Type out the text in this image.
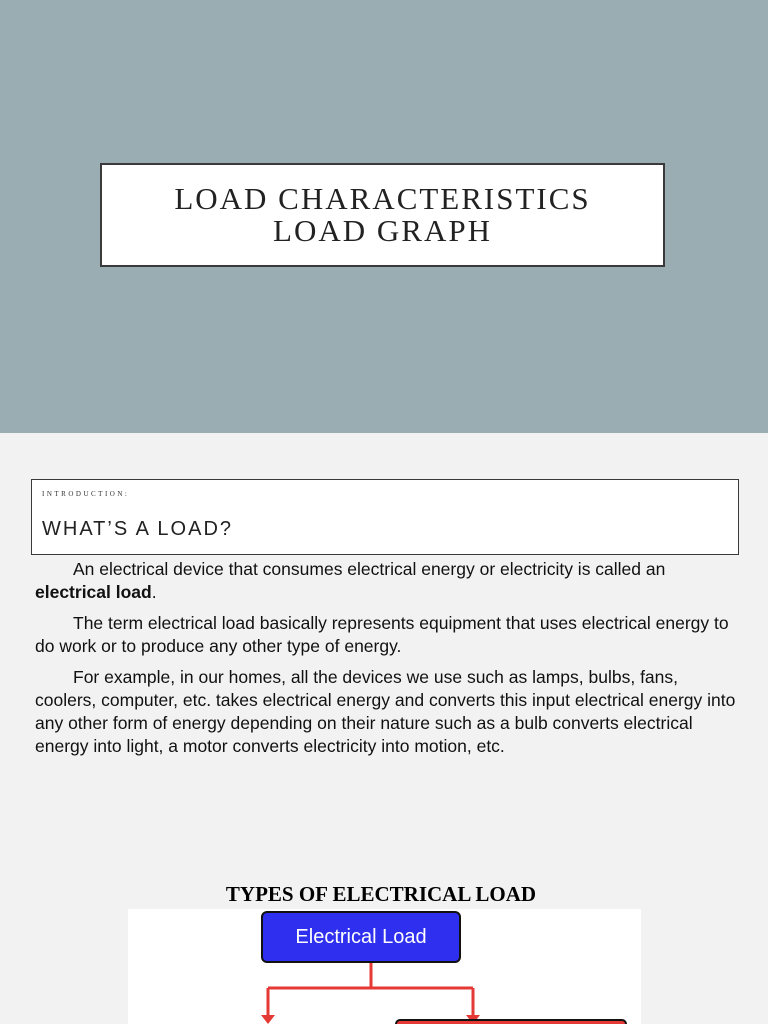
LOAD CHARACTERISTICS
LOAD GRAPH
INTRODUCTION:
WHAT’S A LOAD?

An electrical device that consumes electrical energy or electricity is called an electrical load.

The term electrical load basically represents equipment that uses electrical energy to do work or to produce any other type of energy.

For example, in our homes, all the devices we use such as lamps, bulbs, fans, coolers, computer, etc. takes electrical energy and converts this input electrical energy into any other form of energy depending on their nature such as a bulb converts electrical energy into light, a motor converts electricity into motion, etc.

TYPES OF ELECTRICAL LOAD
Electrical Load
